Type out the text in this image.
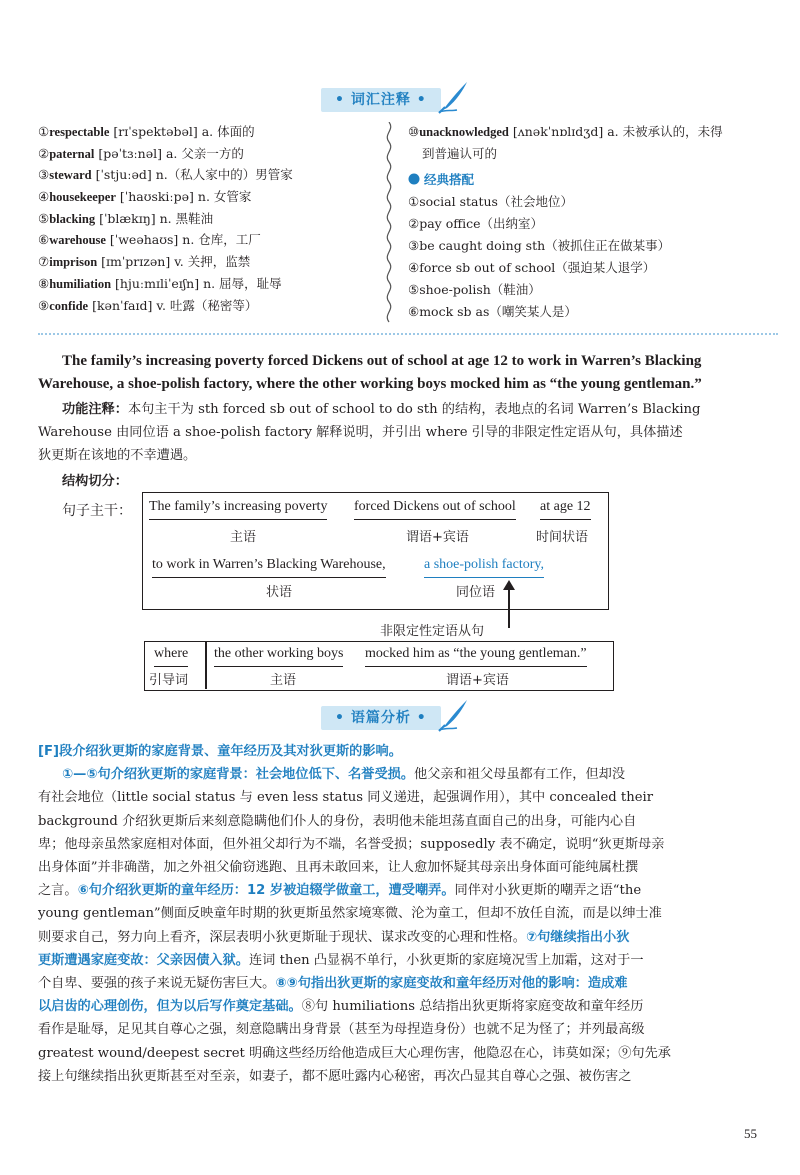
• 词汇注释 •
①respectable [rɪˈspektəbəl] a. 体面的
②paternal [pəˈtɜːnəl] a. 父亲一方的
③steward [ˈstjuːəd] n.（私人家中的）男管家
④housekeeper [ˈhaʊskiːpə] n. 女管家
⑤blacking [ˈblækɪŋ] n. 黑鞋油
⑥warehouse [ˈweəhaʊs] n. 仓库，工厂
⑦imprison [ɪmˈprɪzən] v. 关押，监禁
⑧humiliation [hjuːmɪliˈeɪʃn] n. 屈辱，耻辱
⑨confide [kənˈfaɪd] v. 吐露（秘密等）
⑩unacknowledged [ʌnəkˈnɒlɪdʒd] a. 未被承认的，未得
到普遍认可的
经典搭配
①social status（社会地位）
②pay office（出纳室）
③be caught doing sth（被抓住正在做某事）
④force sb out of school（强迫某人退学）
⑤shoe-polish（鞋油）
⑥mock sb as（嘲笑某人是）
The family’s increasing poverty forced Dickens out of school at age 12 to work in Warren’s Blacking
Warehouse, a shoe-polish factory, where the other working boys mocked him as “the young gentleman.”
功能注释：本句主干为 sth forced sb out of school to do sth 的结构，表地点的名词 Warren’s Blacking
Warehouse 由同位语 a shoe-polish factory 解释说明，并引出 where 引导的非限定性定语从句，具体描述
狄更斯在该地的不幸遭遇。
结构切分：
句子主干： The family’s increasing poverty
主语
forced Dickens out of school
谓语+宾语
at age 12
时间状语
to work in Warren’s Blacking Warehouse,
状语
a shoe-polish factory,
同位语
非限定性定语从句
where
引导词
the other working boys
主语
mocked him as “the young gentleman.”
谓语+宾语
• 语篇分析 •
[F]段介绍狄更斯的家庭背景、童年经历及其对狄更斯的影响。
①—⑤句介绍狄更斯的家庭背景：社会地位低下、名誉受损。他父亲和祖父母虽都有工作，但却没
有社会地位（little social status 与 even less status 同义递进，起强调作用），其中 concealed their
background 介绍狄更斯后来刻意隐瞒他们仆人的身份，表明他未能坦荡直面自己的出身，可能内心自
卑；他母亲虽然家庭相对体面，但外祖父却行为不端，名誉受损；supposedly 表不确定，说明“狄更斯母亲
出身体面”并非确凿，加之外祖父偷窃逃跑、且再未敢回来，让人愈加怀疑其母亲出身体面可能纯属杜撰
之言。⑥句介绍狄更斯的童年经历：12 岁被迫辍学做童工，遭受嘲弄。同伴对小狄更斯的嘲弄之语“the
young gentleman”侧面反映童年时期的狄更斯虽然家境寒微、沦为童工，但却不放任自流，而是以绅士准
则要求自己，努力向上看齐，深层表明小狄更斯耻于现状、谋求改变的心理和性格。⑦句继续指出小狄
更斯遭遇家庭变故：父亲因债入狱。连词 then 凸显祸不单行，小狄更斯的家庭境况雪上加霜，这对于一
个自卑、要强的孩子来说无疑伤害巨大。⑧⑨句指出狄更斯的家庭变故和童年经历对他的影响：造成难
以启齿的心理创伤，但为以后写作奠定基础。⑧句 humiliations 总结指出狄更斯将家庭变故和童年经历
看作是耻辱，足见其自尊心之强，刻意隐瞒出身背景（甚至为母捏造身份）也就不足为怪了；并列最高级
greatest wound/deepest secret 明确这些经历给他造成巨大心理伤害，他隐忍在心，讳莫如深；⑨句先承
接上句继续指出狄更斯甚至对至亲，如妻子，都不愿吐露内心秘密，再次凸显其自尊心之强、被伤害之
55
